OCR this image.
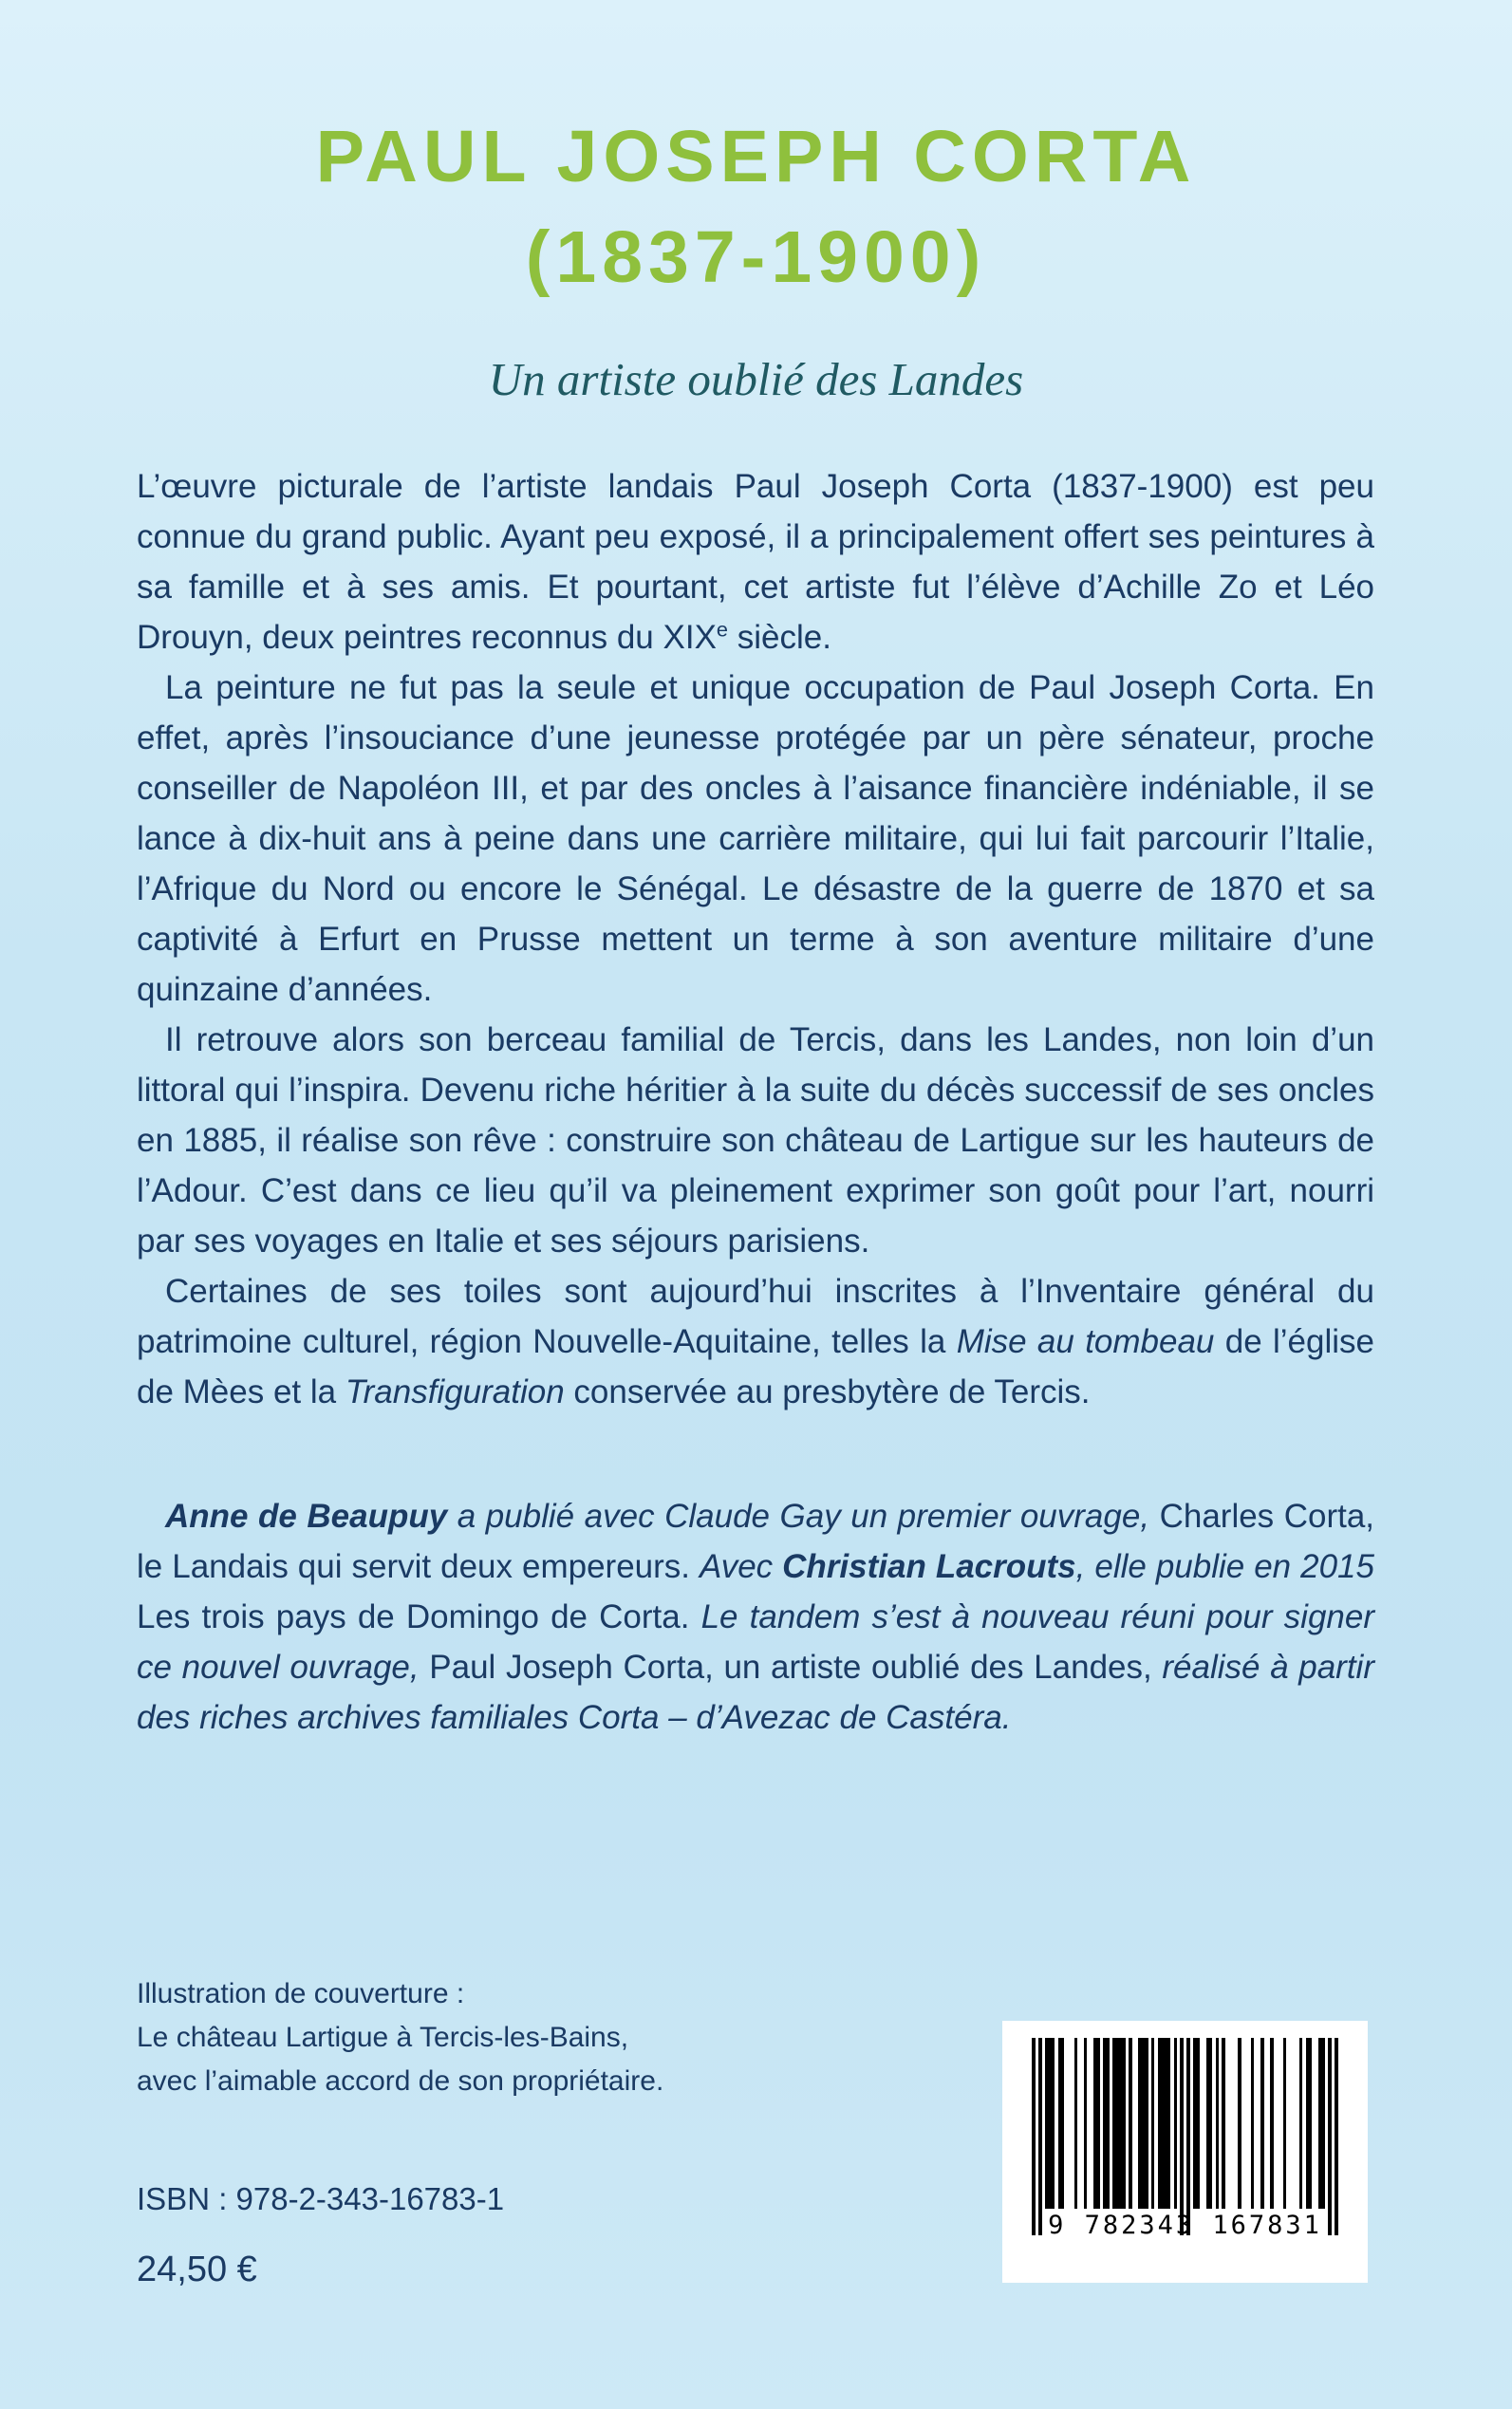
PAUL JOSEPH CORTA
(1837-1900)
Un artiste oublié des Landes

L’œuvre picturale de l’artiste landais Paul Joseph Corta (1837-1900) est peu connue du grand public. Ayant peu exposé, il a principalement offert ses peintures à sa famille et à ses amis. Et pourtant, cet artiste fut l’élève d’Achille Zo et Léo Drouyn, deux peintres reconnus du XIXe siècle.

La peinture ne fut pas la seule et unique occupation de Paul Joseph Corta. En effet, après l’insouciance d’une jeunesse protégée par un père sénateur, proche conseiller de Napoléon III, et par des oncles à l’aisance financière indéniable, il se lance à dix-huit ans à peine dans une carrière militaire, qui lui fait parcourir l’Italie, l’Afrique du Nord ou encore le Sénégal. Le désastre de la guerre de 1870 et sa captivité à Erfurt en Prusse mettent un terme à son aventure militaire d’une quinzaine d’années.

Il retrouve alors son berceau familial de Tercis, dans les Landes, non loin d’un littoral qui l’inspira. Devenu riche héritier à la suite du décès successif de ses oncles en 1885, il réalise son rêve : construire son château de Lartigue sur les hauteurs de l’Adour. C’est dans ce lieu qu’il va pleinement exprimer son goût pour l’art, nourri par ses voyages en Italie et ses séjours parisiens.

Certaines de ses toiles sont aujourd’hui inscrites à l’Inventaire général du patrimoine culturel, région Nouvelle-Aquitaine, telles la Mise au tombeau de l’église de Mèes et la Transfiguration conservée au presbytère de Tercis.

Anne de Beaupuy a publié avec Claude Gay un premier ouvrage, Charles Corta, le Landais qui servit deux empereurs. Avec Christian Lacrouts, elle publie en 2015 Les trois pays de Domingo de Corta. Le tandem s’est à nouveau réuni pour signer ce nouvel ouvrage, Paul Joseph Corta, un artiste oublié des Landes, réalisé à partir des riches archives familiales Corta – d’Avezac de Castéra.

Illustration de couverture :
Le château Lartigue à Tercis-les-Bains,
avec l’aimable accord de son propriétaire.
ISBN : 978-2-343-16783-1
24,50 €
9 782343 167831
